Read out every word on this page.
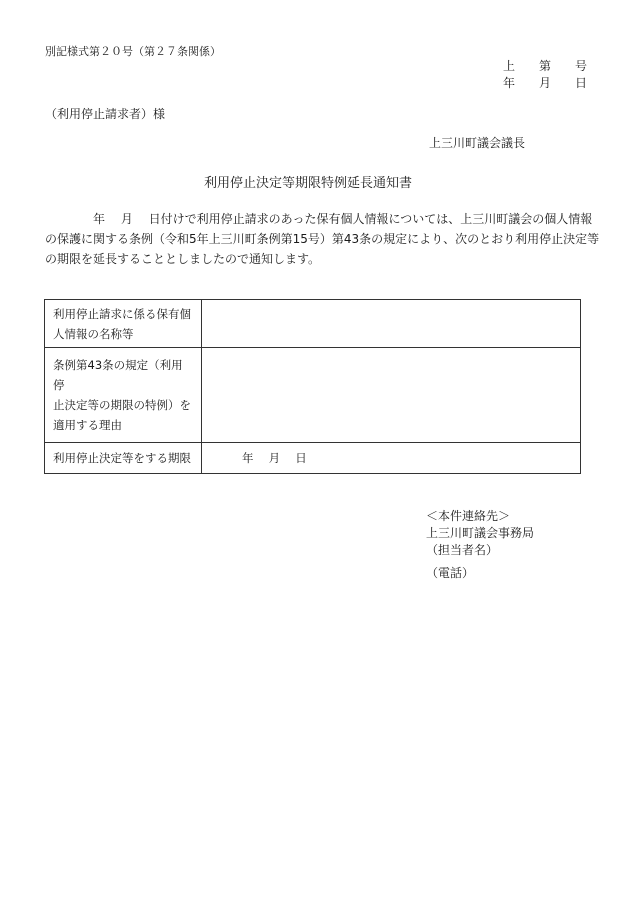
別記様式第２０号（第２７条関係）
上　　第　　号
年　　月　　日
（利用停止請求者）様
上三川町議会議長
利用停止決定等期限特例延長通知書

　　　　年　 月　 日付けで利用停止請求のあった保有個人情報については、上三川町議会の個人情報

の保護に関する条例（令和5年上三川町条例第15号）第43条の規定により、次のとおり利用停止決定等

の期限を延長することとしましたので通知します。

利用停止請求に係る保有個
人情報の名称等	

条例第43条の規定（利用停
止決定等の期限の特例）を
適用する理由	

利用停止決定等をする期限	年　 月　 日
＜本件連絡先＞
上三川町議会事務局
（担当者名）
（電話）
